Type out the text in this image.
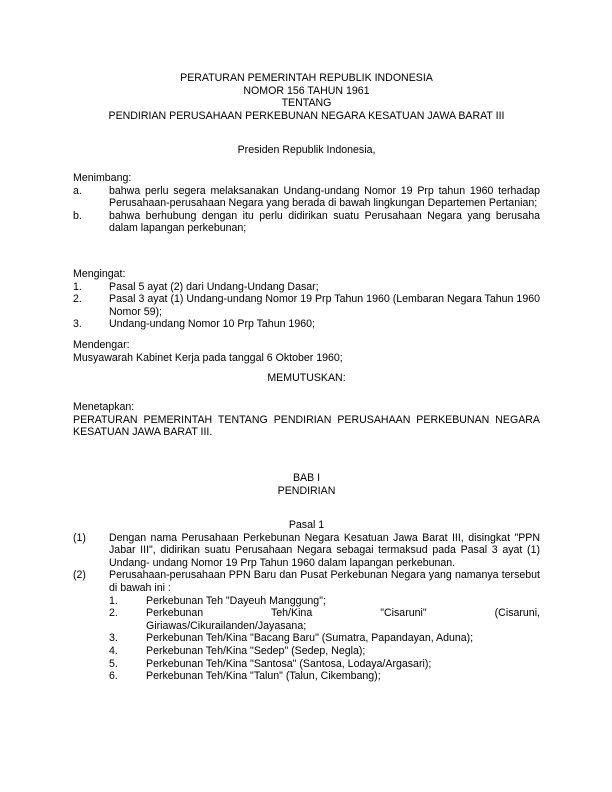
PERATURAN PEMERINTAH REPUBLIK INDONESIA
NOMOR 156 TAHUN 1961
TENTANG
PENDIRIAN PERUSAHAAN PERKEBUNAN NEGARA KESATUAN JAWA BARAT III
Presiden Republik Indonesia,
Menimbang:
a.	bahwa perlu segera melaksanakan Undang-undang Nomor 19 Prp tahun 1960 terhadap Perusahaan-perusahaan Negara yang berada di bawah lingkungan Departemen Pertanian;
b.	bahwa berhubung dengan itu perlu didirikan suatu Perusahaan Negara yang berusaha dalam lapangan perkebunan;
Mengingat:
1.	Pasal 5 ayat (2) dari Undang-Undang Dasar;
2.	Pasal 3 ayat (1) Undang-undang Nomor 19 Prp Tahun 1960 (Lembaran Negara Tahun 1960 Nomor 59);
3.	Undang-undang Nomor 10 Prp Tahun 1960;
Mendengar:
Musyawarah Kabinet Kerja pada tanggal 6 Oktober 1960;
MEMUTUSKAN:
Menetapkan:
PERATURAN PEMERINTAH TENTANG PENDIRIAN PERUSAHAAN PERKEBUNAN NEGARA KESATUAN JAWA BARAT III.
BAB I
PENDIRIAN
Pasal 1
(1)	Dengan nama Perusahaan Perkebunan Negara Kesatuan Jawa Barat III, disingkat "PPN Jabar III", didirikan suatu Perusahaan Negara sebagai termaksud pada Pasal 3 ayat (1) Undang- undang Nomor 19 Prp Tahun 1960 dalam lapangan perkebunan.
(2)	Perusahaan-perusahaan PPN Baru dan Pusat Perkebunan Negara yang namanya tersebut di bawah ini :
1.	Perkebunan Teh "Dayeuh Manggung";
2.	Perkebunan Teh/Kina "Cisaruni" (Cisaruni,
Giriawas/Cikurailanden/Jayasana;
3.	Perkebunan Teh/Kina "Bacang Baru" (Sumatra, Papandayan, Aduna);
4.	Perkebunan Teh/Kina "Sedep" (Sedep, Negla);
5.	Perkebunan Teh/Kina "Santosa" (Santosa, Lodaya/Argasari);
6.	Perkebunan Teh/Kina "Talun" (Talun, Cikembang);
